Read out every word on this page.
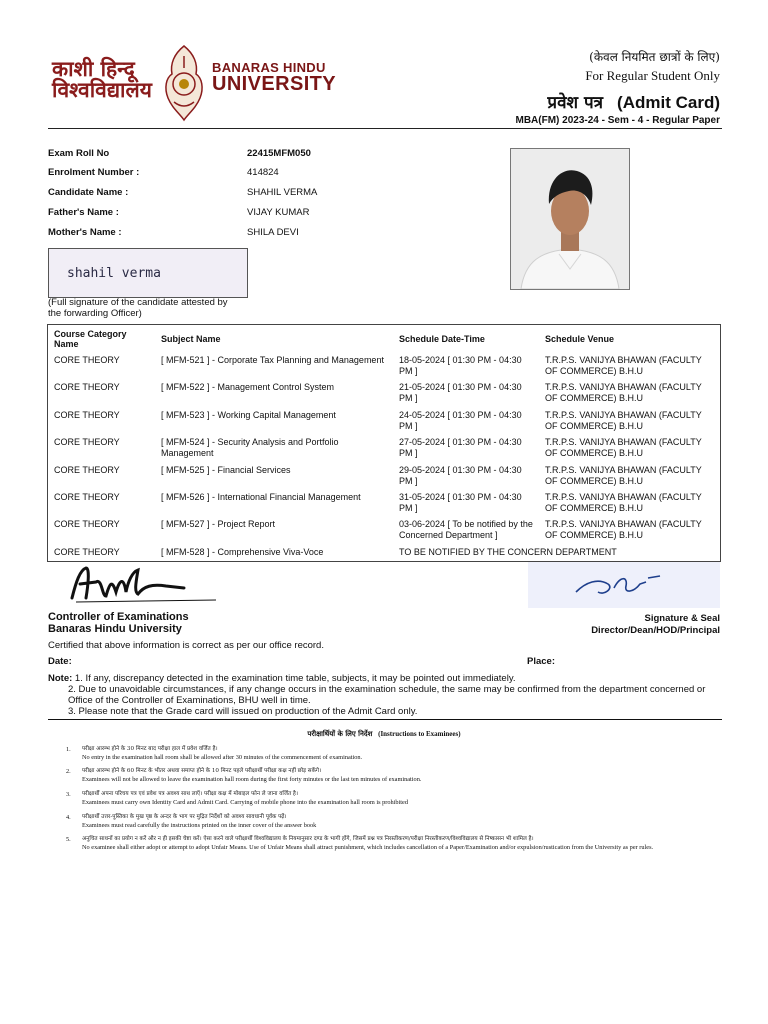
काशी हिन्दू
विश्वविद्यालय
BANARAS HINDU
UNIVERSITY
(केवल नियमित छात्रों के लिए)
For Regular Student Only
प्रवेश पत्र (Admit Card)
MBA(FM) 2023-24 - Sem - 4 - Regular Paper
Exam Roll No	22415MFM050
Enrolment Number :	414824
Candidate Name :	SHAHIL VERMA
Father's Name :	VIJAY KUMAR
Mother's Name :	SHILA DEVI
shahil verma
(Full signature of the candidate attested by the forwarding Officer)
Course Category Name	Subject Name	Schedule Date-Time	Schedule Venue
CORE THEORY	[ MFM-521 ] - Corporate Tax Planning and Management	18-05-2024 [ 01:30 PM - 04:30 PM ]	T.R.P.S. VANIJYA BHAWAN (FACULTY OF COMMERCE) B.H.U
CORE THEORY	[ MFM-522 ] - Management Control System	21-05-2024 [ 01:30 PM - 04:30 PM ]	T.R.P.S. VANIJYA BHAWAN (FACULTY OF COMMERCE) B.H.U
CORE THEORY	[ MFM-523 ] - Working Capital Management	24-05-2024 [ 01:30 PM - 04:30 PM ]	T.R.P.S. VANIJYA BHAWAN (FACULTY OF COMMERCE) B.H.U
CORE THEORY	[ MFM-524 ] - Security Analysis and Portfolio Management	27-05-2024 [ 01:30 PM - 04:30 PM ]	T.R.P.S. VANIJYA BHAWAN (FACULTY OF COMMERCE) B.H.U
CORE THEORY	[ MFM-525 ] - Financial Services	29-05-2024 [ 01:30 PM - 04:30 PM ]	T.R.P.S. VANIJYA BHAWAN (FACULTY OF COMMERCE) B.H.U
CORE THEORY	[ MFM-526 ] - International Financial Management	31-05-2024 [ 01:30 PM - 04:30 PM ]	T.R.P.S. VANIJYA BHAWAN (FACULTY OF COMMERCE) B.H.U
CORE THEORY	[ MFM-527 ] - Project Report	03-06-2024 [ To be notified by the Concerned Department ]	T.R.P.S. VANIJYA BHAWAN (FACULTY OF COMMERCE) B.H.U
CORE THEORY	[ MFM-528 ] - Comprehensive Viva-Voce	TO BE NOTIFIED BY THE CONCERN DEPARTMENT	
Controller of Examinations
Banaras Hindu University
Signature & Seal
Director/Dean/HOD/Principal
Certified that above information is correct as per our office record.
Date:	Place:
Note: 1. If any, discrepancy detected in the examination time table, subjects, it may be pointed out immediately.
2. Due to unavoidable circumstances, if any change occurs in the examination schedule, the same may be confirmed from the department concerned or Office of the Controller of Examinations, BHU well in time.
3. Please note that the Grade card will issued on production of the Admit Card only.
परीक्षार्थियों के लिए निर्देश (Instructions to Examinees)
1. परीक्षा आरम्भ होने के 30 मिनट बाद परीक्षा हाल में प्रवेश वर्जित है।
No entry in the examination hall room shall be allowed after 30 minutes of the commencement of examination.
2. परीक्षा आरम्भ होने के 60 मिनट के भीतर अथवा समाप्त होने के 10 मिनट पहले परीक्षार्थी परीक्षा कक्ष नहीं छोड़ सकेंगे।
Examinees will not be allowed to leave the examination hall room during the first forty minutes or the last ten minutes of examination.
3. परीक्षार्थी अपना परिचय पत्र एवं प्रवेश पत्र अवश्य साथ लाएँ। परीक्षा कक्ष में मोबाइल फोन ले जाना वर्जित है।
Examinees must carry own Identity Card and Admit Card. Carrying of mobile phone into the examination hall room is prohibited
4. परीक्षार्थी उत्तर-पुस्तिका के मुख पृष्ठ के अन्दर के भाग पर मुद्रित निर्देशों को अवश्य सावधानी पूर्वक पढ़ें।
Examinees must read carefully the instructions printed on the inner cover of the answer book
5. अनुचित साधनों का प्रयोग न करें और न ही इसकी चेष्टा करें। ऐसा करने वाले परीक्षार्थी विश्वविद्यालय के नियमानुसार दण्ड के भागी होंगे, जिसमें प्रश्न पत्र निरस्तीकरण/परीक्षा निरस्तीकरण/विश्वविद्यालय से निष्कासन भी शामिल है।
No examinee shall either adopt or attempt to adopt Unfair Means. Use of Unfair Means shall attract punishment, which includes cancellation of a Paper/Examination and/or expulsion/rustication from the University as per rules.
